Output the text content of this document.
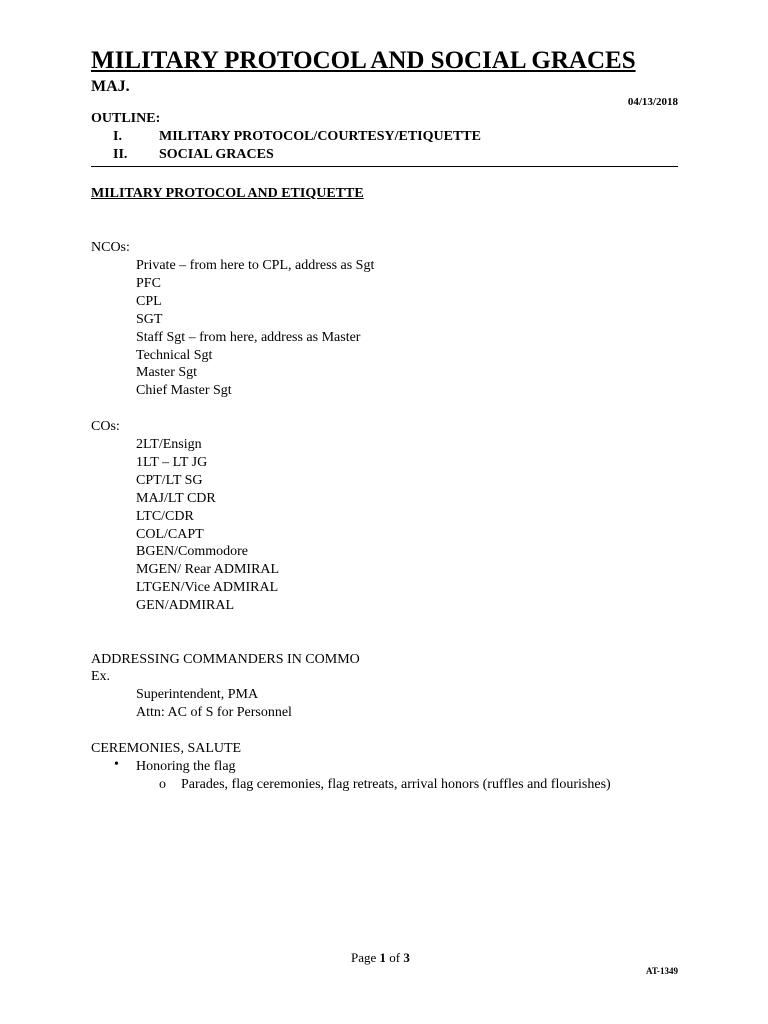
MILITARY PROTOCOL AND SOCIAL GRACES
MAJ.
04/13/2018
OUTLINE:
I.	MILITARY PROTOCOL/COURTESY/ETIQUETTE
II. SOCIAL GRACES
MILITARY PROTOCOL AND ETIQUETTE
NCOs:
Private – from here to CPL, address as Sgt
PFC
CPL
SGT
Staff Sgt – from here, address as Master
Technical Sgt
Master Sgt
Chief Master Sgt
COs:
2LT/Ensign
1LT – LT JG
CPT/LT SG
MAJ/LT CDR
LTC/CDR
COL/CAPT
BGEN/Commodore
MGEN/ Rear ADMIRAL
LTGEN/Vice ADMIRAL
GEN/ADMIRAL
ADDRESSING COMMANDERS IN COMMO
Ex.
Superintendent, PMA
Attn: AC of S for Personnel
CEREMONIES, SALUTE
• Honoring the flag
o Parades, flag ceremonies, flag retreats, arrival honors (ruffles and flourishes)
Page 1 of 3
AT-1349
